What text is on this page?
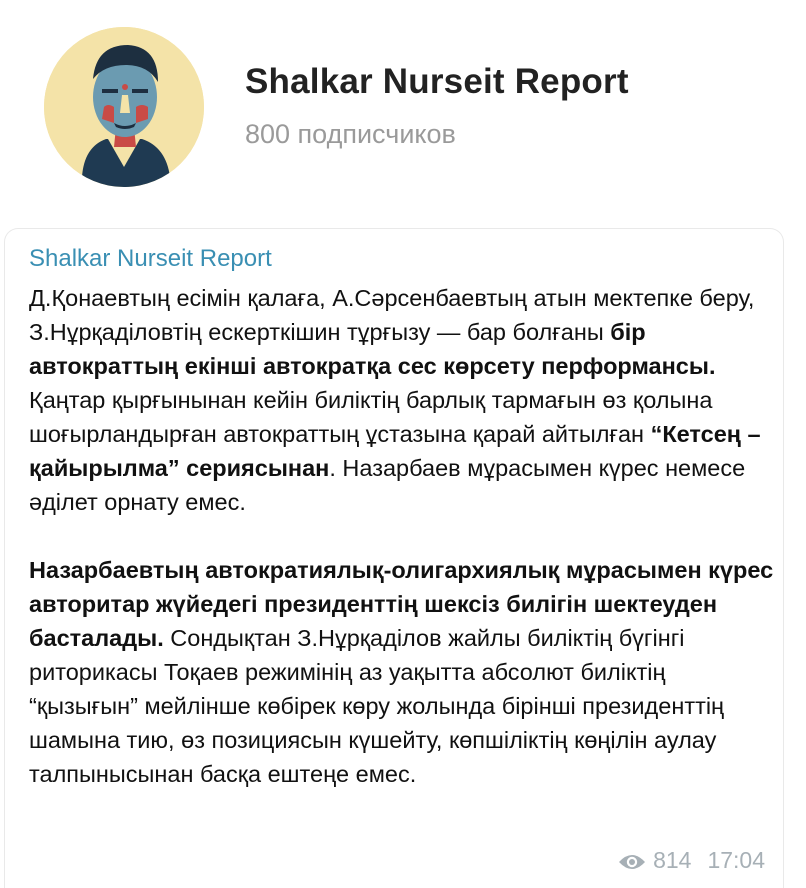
Shalkar Nurseit Report
800 подписчиков
Shalkar Nurseit Report

Д.Қонаевтың есімін қалаға, А.Сәрсенбаевтың атын мектепке беру, З.Нұрқаділовтің ескерткішин тұрғызу — бар болғаны бір автократтың екінші автократқа сес көрсету перформансы. Қаңтар қырғынынан кейін биліктің барлық тармағын өз қолына шоғырландырған автократтың ұстазына қарай айтылған “Кетсең – қайырылма” сериясынан. Назарбаев мұрасымен күрес немесе әділет орнату емес.

Назарбаевтың автократиялық-олигархиялық мұрасымен күрес авторитар жүйедегі президенттің шексіз билігін шектеуден басталады. Сондықтан З.Нұрқаділов жайлы биліктің бүгінгі риторикасы Тоқаев режимінің аз уақытта абсолют биліктің “қызығын” мейлінше көбірек көру жолында бірінші президенттің шамына тию, өз позициясын күшейту, көпшіліктің көңілін аулау талпынысынан басқа ештеңе емес.

814 17:04
